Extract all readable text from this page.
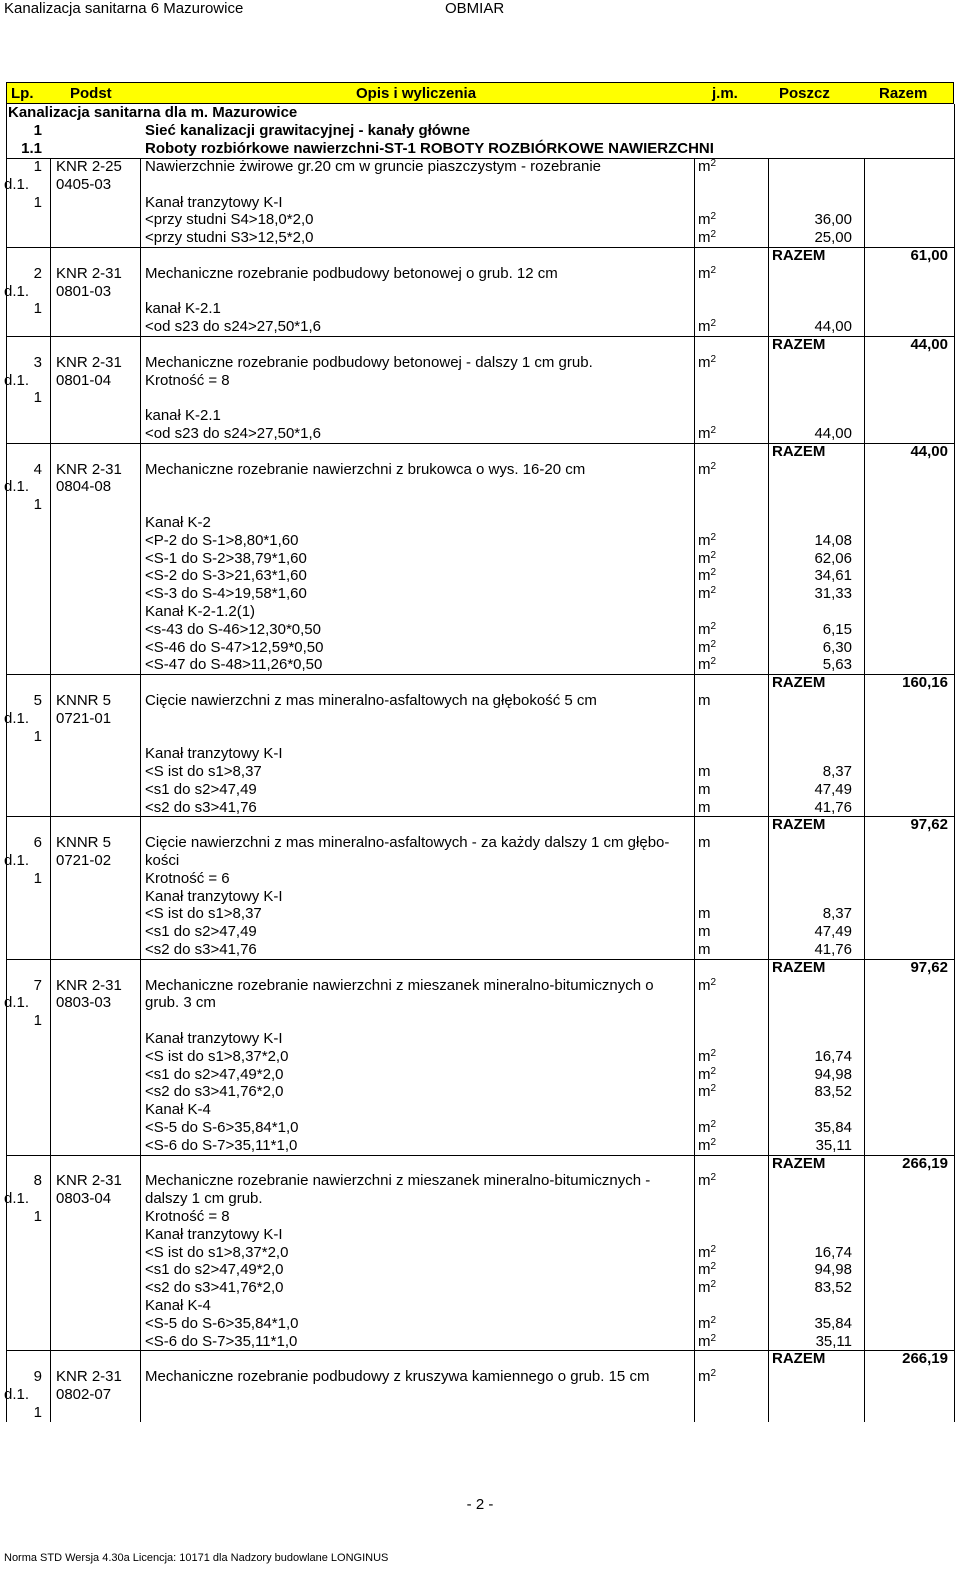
Kanalizacja sanitarna 6 Mazurowice	OBMIAR
Lp. Podst	Opis i wyliczenia	j.m.	Poszcz	Razem
Kanalizacja sanitarna dla m. Mazurowice
1	Sieć kanalizacji grawitacyjnej - kanały główne
1.1	Roboty rozbiórkowe nawierzchni-ST-1 ROBOTY ROZBIÓRKOWE NAWIERZCHNI
1 KNR 2-25 Nawierzchnie żwirowe gr.20 cm w gruncie piaszczystym - rozebranie	$m^2$
d.1. 0405-03
1	Kanał tranzytowy K-I
<przy studni S4>18,0*2,0	$m^2$	36,00
<przy studni S3>12,5*2,0	$m^2$	25,00
RAZEM	61,00
2 KNR 2-31 Mechaniczne rozebranie podbudowy betonowej o grub. 12 cm	$m^2$
d.1. 0801-03
1	kanał K-2.1
<od s23 do s24>27,50*1,6	$m^2$	44,00
RAZEM	44,00
3 KNR 2-31 Mechaniczne rozebranie podbudowy betonowej - dalszy 1 cm grub.	$m^2$
d.1. 0801-04 Krotność = 8
1
kanał K-2.1
<od s23 do s24>27,50*1,6	$m^2$	44,00
RAZEM	44,00
4 KNR 2-31 Mechaniczne rozebranie nawierzchni z brukowca o wys. 16-20 cm	$m^2$
d.1. 0804-08
1
Kanał K-2
<P-2 do S-1>8,80*1,60	$m^2$	14,08
<S-1 do S-2>38,79*1,60	$m^2$	62,06
<S-2 do S-3>21,63*1,60	$m^2$	34,61
<S-3 do S-4>19,58*1,60	$m^2$	31,33
Kanał K-2-1.2(1)
<s-43 do S-46>12,30*0,50	$m^2$	6,15
<S-46 do S-47>12,59*0,50	$m^2$	6,30
<S-47 do S-48>11,26*0,50	$m^2$	5,63
RAZEM	160,16
5 KNNR 5 Cięcie nawierzchni z mas mineralno-asfaltowych na głębokość 5 cm	m
d.1. 0721-01
1
Kanał tranzytowy K-I
<S ist do s1>8,37	m	8,37
<s1 do s2>47,49	m	47,49
<s2 do s3>41,76	m	41,76
RAZEM	97,62
6 KNNR 5 Cięcie nawierzchni z mas mineralno-asfaltowych - za każdy dalszy 1 cm głębo- m
d.1. 0721-02 kości
1	Krotność = 6
Kanał tranzytowy K-I
<S ist do s1>8,37	m	8,37
<s1 do s2>47,49	m	47,49
<s2 do s3>41,76	m	41,76
RAZEM	97,62
7 KNR 2-31 Mechaniczne rozebranie nawierzchni z mieszanek mineralno-bitumicznych o	$m^2$
d.1. 0803-03 grub. 3 cm
1
Kanał tranzytowy K-I
<S ist do s1>8,37*2,0	$m^2$	16,74
<s1 do s2>47,49*2,0	$m^2$	94,98
<s2 do s3>41,76*2,0	$m^2$	83,52
Kanał K-4
<S-5 do S-6>35,84*1,0	$m^2$	35,84
<S-6 do S-7>35,11*1,0	$m^2$	35,11
RAZEM	266,19
8 KNR 2-31 Mechaniczne rozebranie nawierzchni z mieszanek mineralno-bitumicznych -	$m^2$
d.1. 0803-04 dalszy 1 cm grub.
1	Krotność = 8
Kanał tranzytowy K-I
<S ist do s1>8,37*2,0	$m^2$	16,74
<s1 do s2>47,49*2,0	$m^2$	94,98
<s2 do s3>41,76*2,0	$m^2$	83,52
Kanał K-4
<S-5 do S-6>35,84*1,0	$m^2$	35,84
<S-6 do S-7>35,11*1,0	$m^2$	35,11
RAZEM	266,19
9 KNR 2-31 Mechaniczne rozebranie podbudowy z kruszywa kamiennego o grub. 15 cm	$m^2$
d.1. 0802-07
1
- 2 -
Norma STD Wersja 4.30a Licencja: 10171 dla Nadzory budowlane LONGINUS
